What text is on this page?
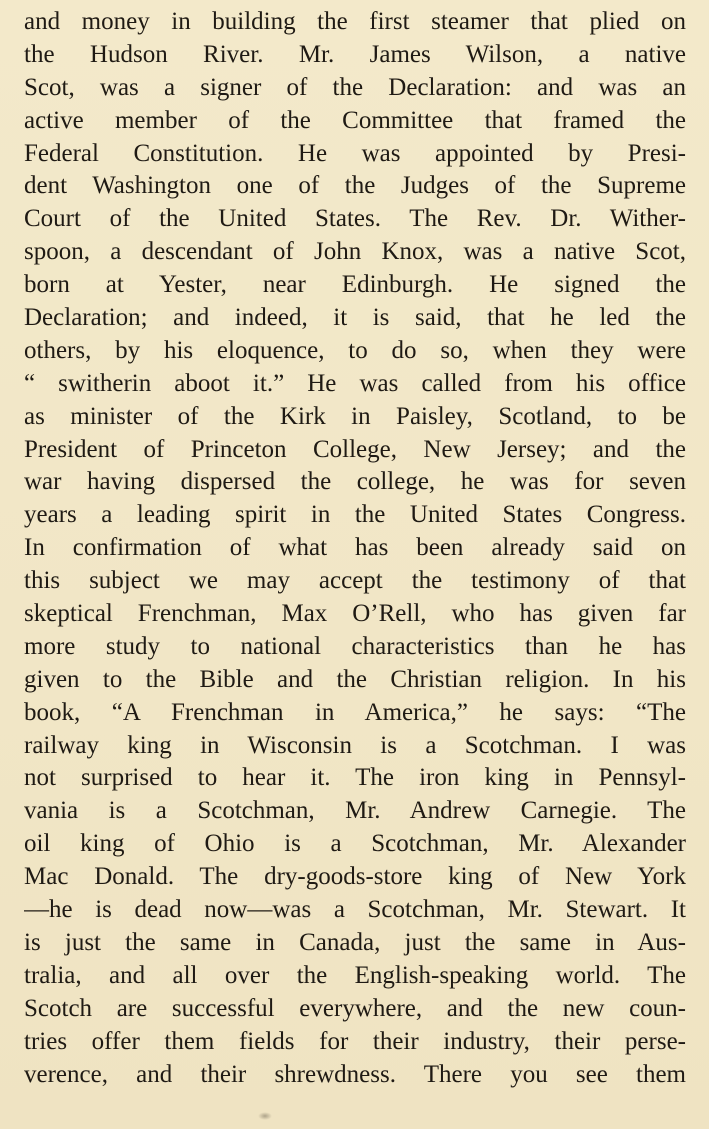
and money in building the first steamer that plied on
the Hudson River. Mr. James Wilson, a native
Scot, was a signer of the Declaration: and was an
active member of the Committee that framed the
Federal Constitution. He was appointed by Presi-
dent Washington one of the Judges of the Supreme
Court of the United States. The Rev. Dr. Wither-
spoon, a descendant of John Knox, was a native Scot,
born at Yester, near Edinburgh. He signed the
Declaration; and indeed, it is said, that he led the
others, by his eloquence, to do so, when they were
“ switherin aboot it.” He was called from his office
as minister of the Kirk in Paisley, Scotland, to be
President of Princeton College, New Jersey; and the
war having dispersed the college, he was for seven
years a leading spirit in the United States Congress.
In confirmation of what has been already said on
this subject we may accept the testimony of that
skeptical Frenchman, Max O’Rell, who has given far
more study to national characteristics than he has
given to the Bible and the Christian religion. In his
book, “A Frenchman in America,” he says: “The
railway king in Wisconsin is a Scotchman. I was
not surprised to hear it. The iron king in Pennsyl-
vania is a Scotchman, Mr. Andrew Carnegie. The
oil king of Ohio is a Scotchman, Mr. Alexander
Mac Donald. The dry-goods-store king of New York
—he is dead now—was a Scotchman, Mr. Stewart. It
is just the same in Canada, just the same in Aus-
tralia, and all over the English-speaking world. The
Scotch are successful everywhere, and the new coun-
tries offer them fields for their industry, their perse-
verence, and their shrewdness. There you see them
